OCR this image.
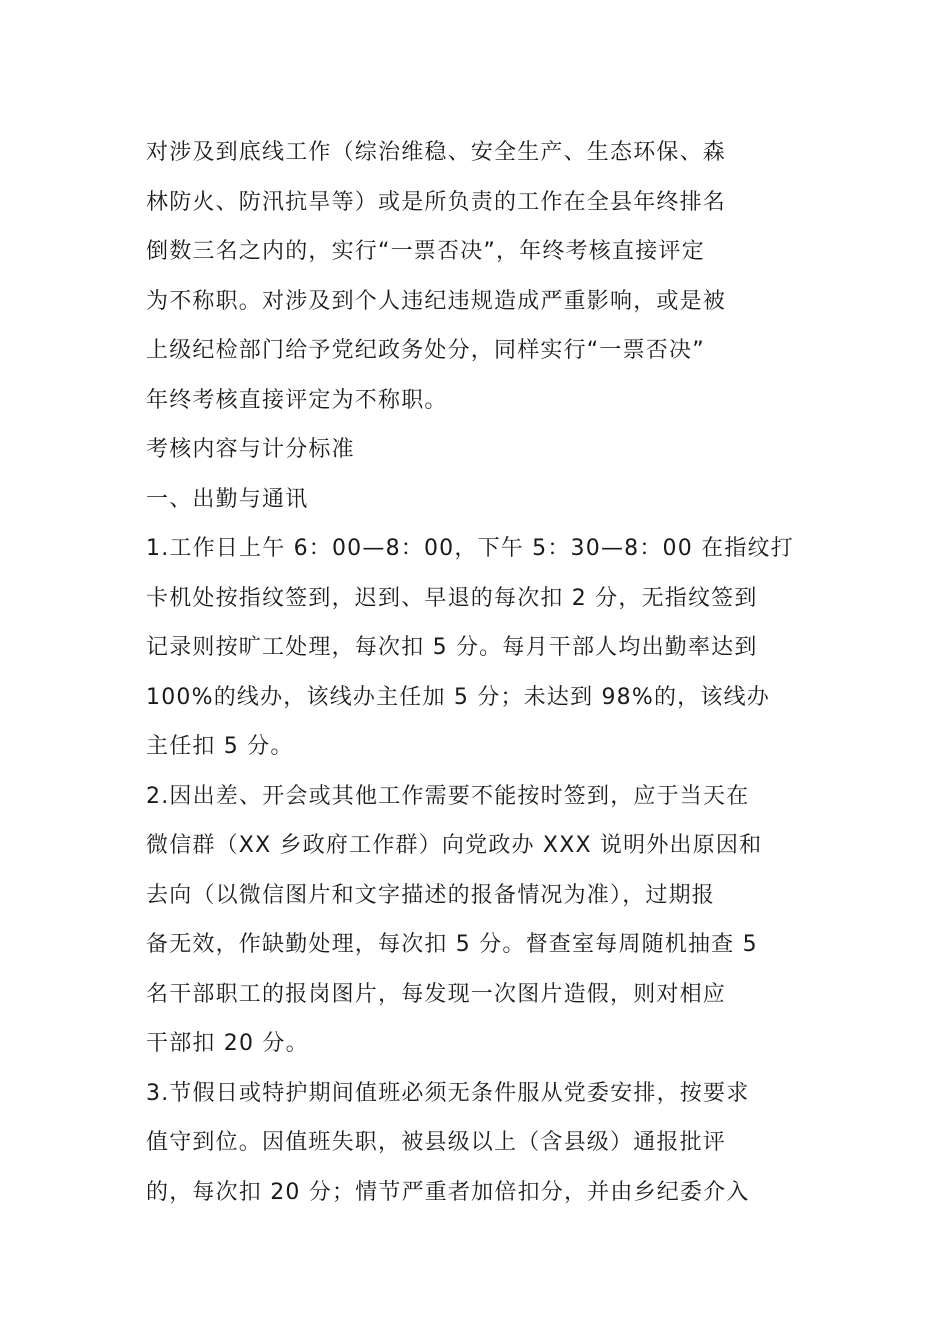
对涉及到底线工作（综治维稳、安全生产、生态环保、森
林防火、防汛抗旱等）或是所负责的工作在全县年终排名
倒数三名之内的，实行“一票否决”，年终考核直接评定
为不称职。对涉及到个人违纪违规造成严重影响，或是被
上级纪检部门给予党纪政务处分，同样实行“一票否决”
年终考核直接评定为不称职。
考核内容与计分标准
一、出勤与通讯
1.工作日上午 6：00—8：00，下午 5：30—8：00 在指纹打
卡机处按指纹签到，迟到、早退的每次扣 2 分，无指纹签到
记录则按旷工处理，每次扣 5 分。每月干部人均出勤率达到
100%的线办，该线办主任加 5 分；未达到 98%的，该线办
主任扣 5 分。
2.因出差、开会或其他工作需要不能按时签到，应于当天在
微信群（XX 乡政府工作群）向党政办 XXX 说明外出原因和
去向（以微信图片和文字描述的报备情况为准），过期报
备无效，作缺勤处理，每次扣 5 分。督查室每周随机抽查 5
名干部职工的报岗图片，每发现一次图片造假，则对相应
干部扣 20 分。
3.节假日或特护期间值班必须无条件服从党委安排，按要求
值守到位。因值班失职，被县级以上（含县级）通报批评
的，每次扣 20 分；情节严重者加倍扣分，并由乡纪委介入
